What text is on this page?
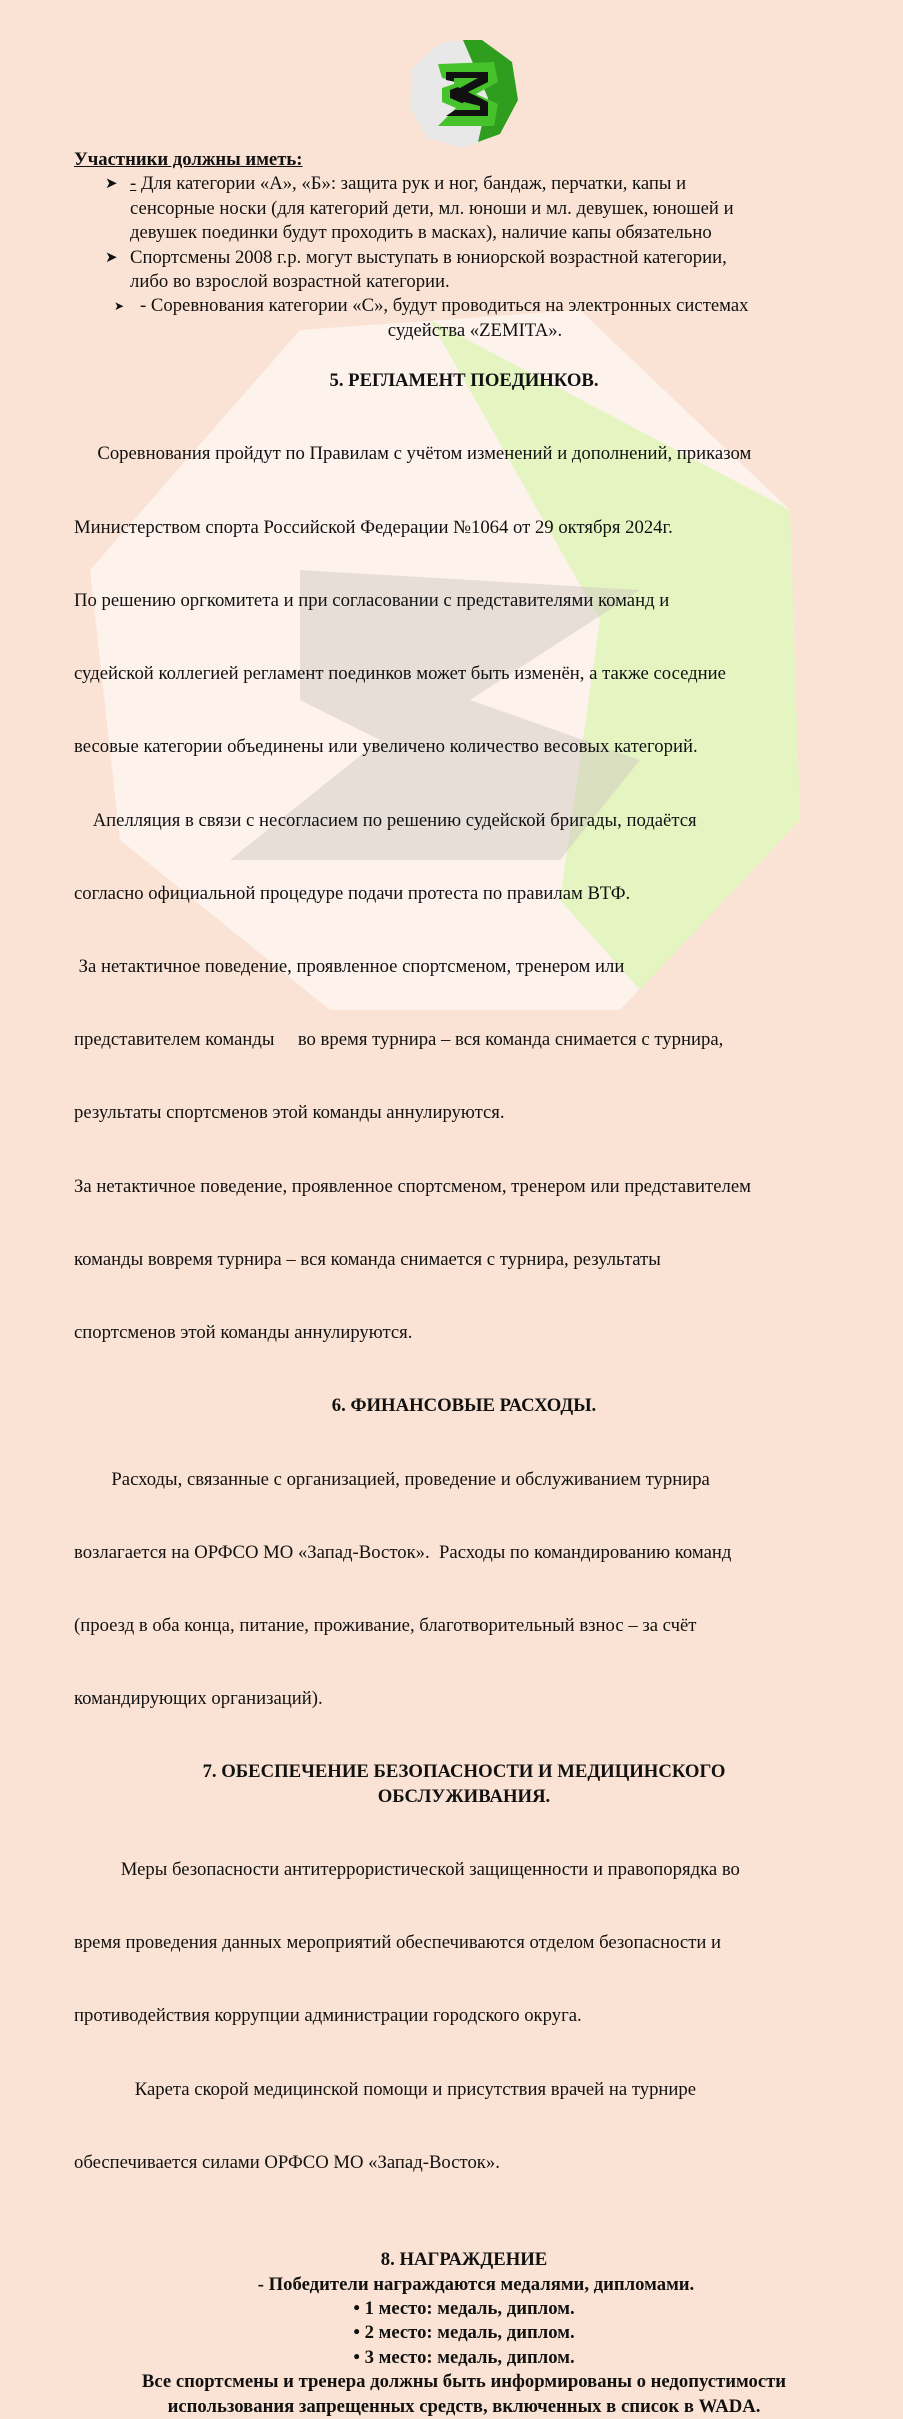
Участники должны иметь:

➤ - Для категории «А», «Б»: защита рук и ног, бандаж, перчатки, капы и
сенсорные носки (для категорий дети, мл. юноши и мл. девушек, юношей и
девушек поединки будут проходить в масках), наличие капы обязательно
➤ Спортсмены 2008 г.р. могут выступать в юниорской возрастной категории,
либо во взрослой возрастной категории.
➤ - Соревнования категории «С», будут проводиться на электронных системах

судейства «ZEMITA».

5. РЕГЛАМЕНТ ПОЕДИНКОВ.

Соревнования пройдут по Правилам с учётом изменений и дополнений, приказом

Министерством спорта Российской Федерации №1064 от 29 октября 2024г.

По решению оргкомитета и при согласовании с представителями команд и

судейской коллегией регламент поединков может быть изменён, а также соседние

весовые категории объединены или увеличено количество весовых категорий.

Апелляция в связи с несогласием по решению судейской бригады, подаётся

согласно официальной процедуре подачи протеста по правилам ВТФ.

За нетактичное поведение, проявленное спортсменом, тренером или

представителем команды     во время турнира – вся команда снимается с турнира,

результаты спортсменов этой команды аннулируются.

За нетактичное поведение, проявленное спортсменом, тренером или представителем

команды вовремя турнира – вся команда снимается с турнира, результаты

спортсменов этой команды аннулируются.

6. ФИНАНСОВЫЕ РАСХОДЫ.

Расходы, связанные с организацией, проведение и обслуживанием турнира

возлагается на ОРФСО МО «Запад-Восток».  Расходы по командированию команд

(проезд в оба конца, питание, проживание, благотворительный взнос – за счёт

командирующих организаций).

7. ОБЕСПЕЧЕНИЕ БЕЗОПАСНОСТИ И МЕДИЦИНСКОГО

ОБСЛУЖИВАНИЯ.

Меры безопасности антитеррористической защищенности и правопорядка во

время проведения данных мероприятий обеспечиваются отделом безопасности и

противодействия коррупции администрации городского округа.

Карета скорой медицинской помощи и присутствия врачей на турнире

обеспечивается силами ОРФСО МО «Запад-Восток».

8. НАГРАЖДЕНИЕ

- Победители награждаются медалями, дипломами.

• 1 место: медаль, диплом.

• 2 место: медаль, диплом.

• 3 место: медаль, диплом.

Все спортсмены и тренера должны быть информированы о недопустимости

использования запрещенных средств, включенных в список в WADA.
